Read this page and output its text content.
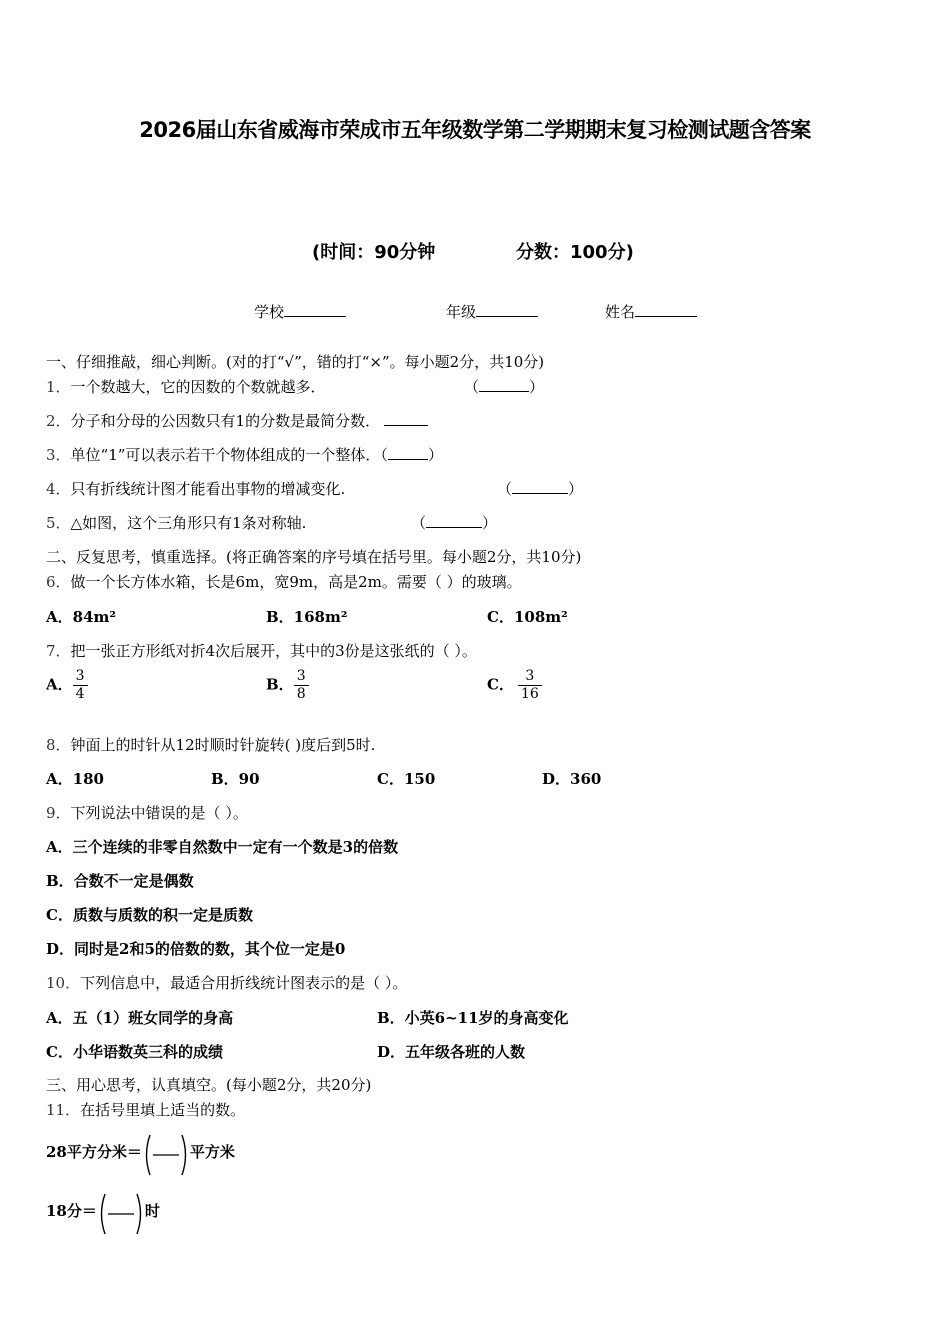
2026届山东省威海市荣成市五年级数学第二学期期末复习检测试题含答案
(时间：90分钟	分数：100分)
学校	年级	姓名
一、仔细推敲，细心判断。(对的打“√”，错的打“×”。每小题2分，共10分)
1．一个数越大，它的因数的个数就越多．	（	）
2．分子和分母的公因数只有1的分数是最简分数．
3．单位“1”可以表示若干个物体组成的一个整体．（	）
4．只有折线统计图才能看出事物的增减变化.	（	）
5．△如图，这个三角形只有1条对称轴.	（	）
二、反复思考，慎重选择。(将正确答案的序号填在括号里。每小题2分，共10分)
6．做一个长方体水箱，长是6m，宽9m，高是2m。需要（ ）的玻璃。
A．84m²	B．168m²	C．108m²
7．把一张正方形纸对折4次后展开，其中的3份是这张纸的（ ）。
A． $\frac{3}{4}$	B． $\frac{3}{8}$	C． $\frac{3}{16}$
8．钟面上的时针从12时顺时针旋转( )度后到5时.
A．180	B．90	C．150	D．360
9．下列说法中错误的是（ ）。
A．三个连续的非零自然数中一定有一个数是3的倍数
B．合数不一定是偶数
C．质数与质数的积一定是质数
D．同时是2和5的倍数的数，其个位一定是0
10．下列信息中，最适合用折线统计图表示的是（ ）。
A．五（1）班女同学的身高	B．小英6~11岁的身高变化
C．小华语数英三科的成绩	D．五年级各班的人数
三、用心思考，认真填空。(每小题2分，共20分)
11．在括号里填上适当的数。
28平方分米＝	平方米
18分＝	时
